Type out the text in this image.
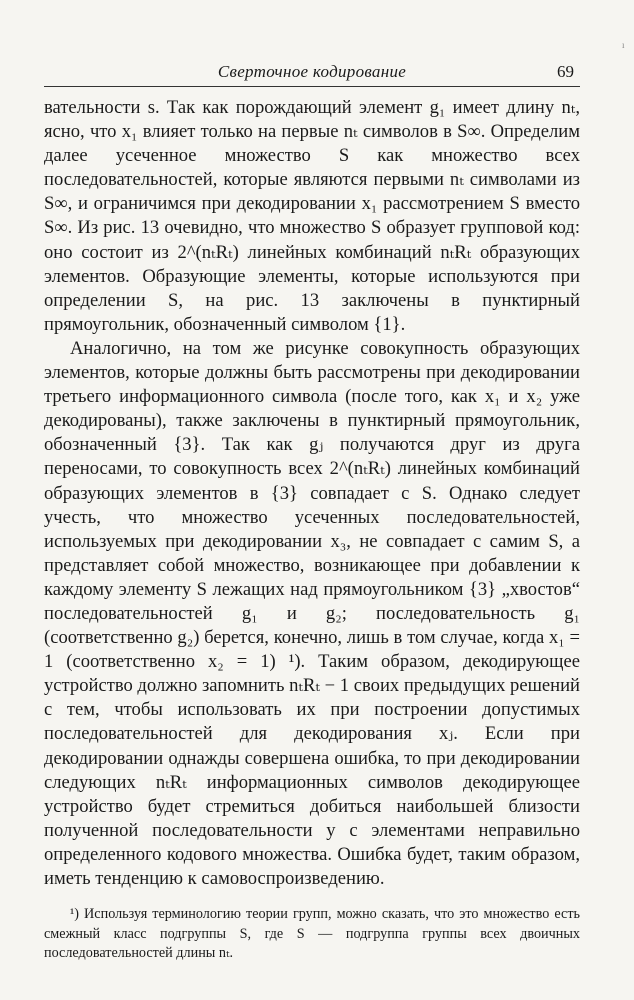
Сверточное кодирование	69

вательности s. Так как порождающий элемент g₁ имеет длину nₜ, ясно, что x₁ влияет только на первые nₜ символов в S∞. Определим далее усеченное множество S как множество всех последовательностей, которые являются первыми nₜ символами из S∞, и ограничимся при декодировании x₁ рассмотрением S вместо S∞. Из рис. 13 очевидно, что множество S образует групповой код: оно состоит из 2^(nₜRₜ) линейных комбинаций nₜRₜ образующих элементов. Образующие элементы, которые используются при определении S, на рис. 13 заключены в пунктирный прямоугольник, обозначенный символом {1}.

Аналогично, на том же рисунке совокупность образующих элементов, которые должны быть рассмотрены при декодировании третьего информационного символа (после того, как x₁ и x₂ уже декодированы), также заключены в пунктирный прямоугольник, обозначенный {3}. Так как gⱼ получаются друг из друга переносами, то совокупность всех 2^(nₜRₜ) линейных комбинаций образующих элементов в {3} совпадает с S. Однако следует учесть, что множество усеченных последовательностей, используемых при декодировании x₃, не совпадает с самим S, а представляет собой множество, возникающее при добавлении к каждому элементу S лежащих над прямоугольником {3} „хвостов“ последовательностей g₁ и g₂; последовательность g₁ (соответственно g₂) берется, конечно, лишь в том случае, когда x₁ = 1 (соответственно x₂ = 1) ¹). Таким образом, декодирующее устройство должно запомнить nₜRₜ − 1 своих предыдущих решений с тем, чтобы использовать их при построении допустимых последовательностей для декодирования xⱼ. Если при декодировании однажды совершена ошибка, то при декодировании следующих nₜRₜ информационных символов декодирующее устройство будет стремиться добиться наибольшей близости полученной последовательности y с элементами неправильно определенного кодового множества. Ошибка будет, таким образом, иметь тенденцию к самовоспроизведению.

¹) Используя терминологию теории групп, можно сказать, что это множество есть смежный класс подгруппы S, где S — подгруппа группы всех двоичных последовательностей длины nₜ.

ı
